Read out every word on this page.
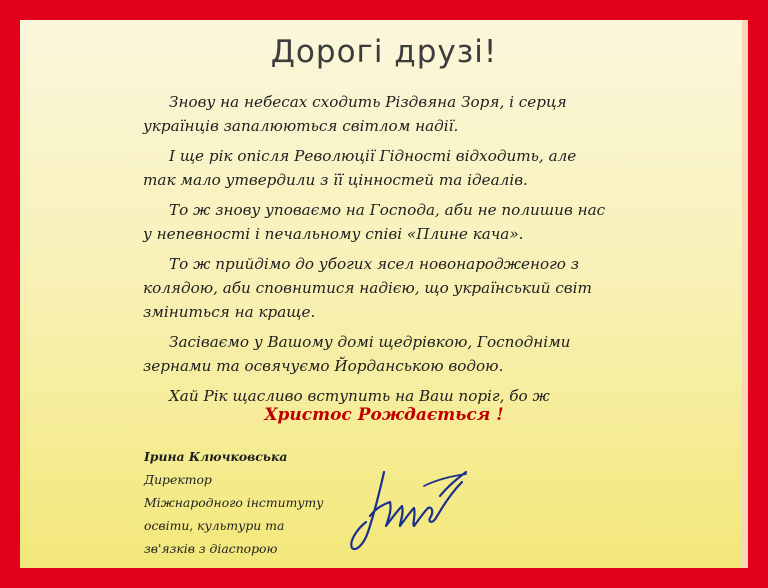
Дорогі друзі!

Знову на небесах сходить Різдвяна Зоря, і серця українців запалюються світлом надії.

І ще рік опісля Революції Гідності відходить, але так мало утвердили з її цінностей та ідеалів.

То ж знову уповаємо на Господа, аби не полишив нас у непевності і печальному співі «Плине кача».

То ж прийдімо до убогих ясел новонародженого з колядою, аби сповнитися надією, що український світ зміниться на краще.

Засіваємо у Вашому домі щедрівкою, Господніми зернами та освячуємо Йорданською водою.

Хай Рік щасливо вступить на Ваш поріг, бо ж

Христос Рождається !
Ірина Ключковська
Директор
Міжнародного інституту
освіти, культури та
зв'язків з діаспорою
